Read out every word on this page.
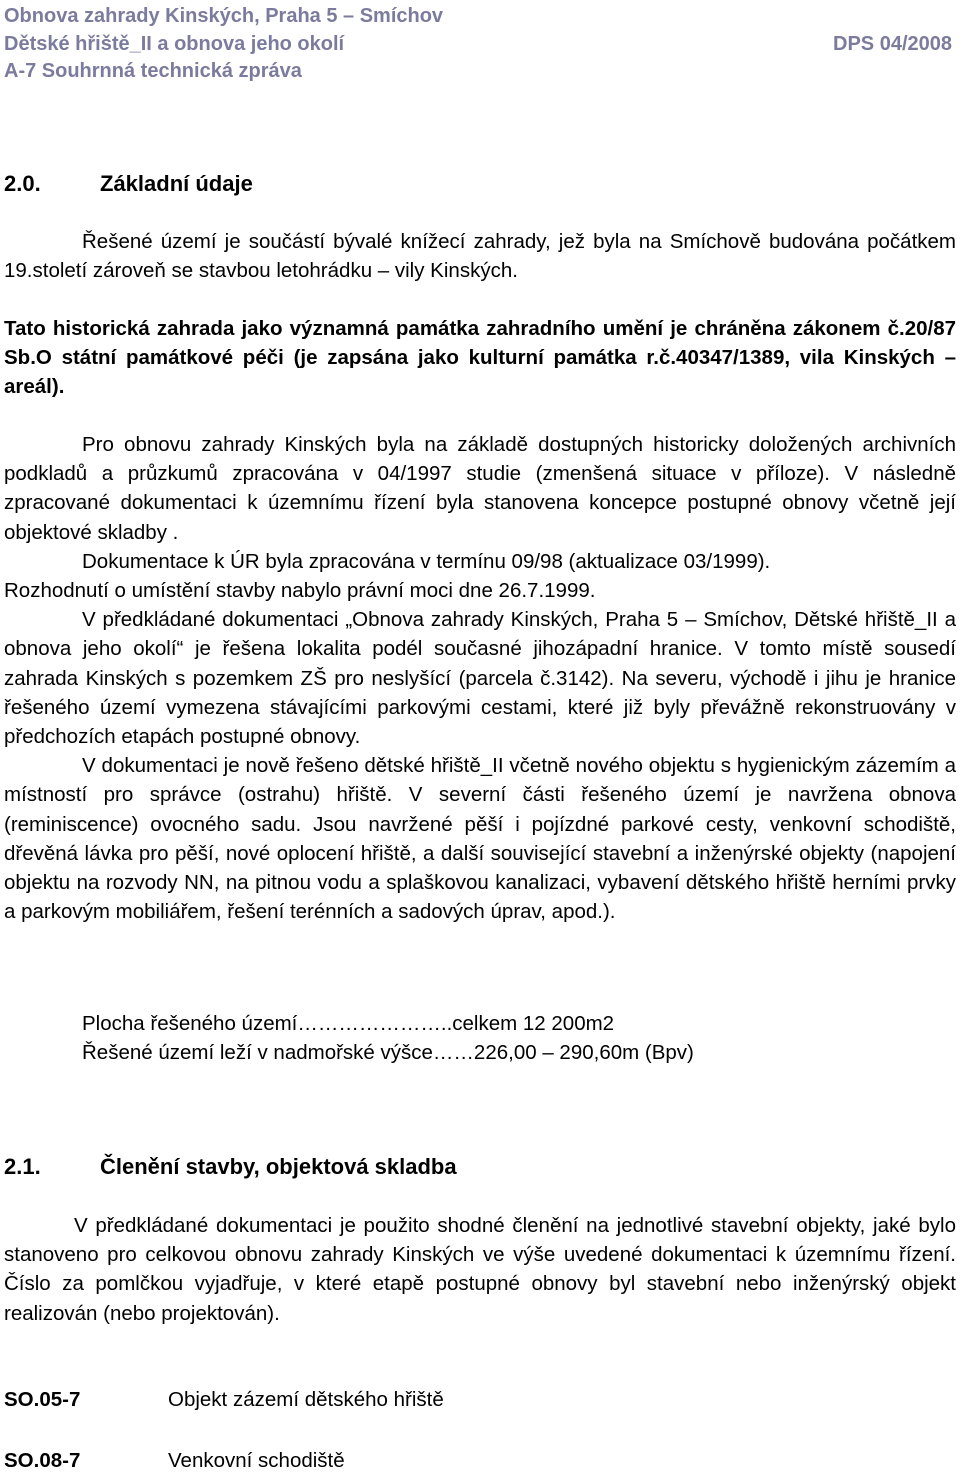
Obnova zahrady Kinských, Praha 5 – Smíchov
Dětské hřiště_II a obnova jeho okolí	DPS 04/2008
A-7 Souhrnná technická zpráva
2.0.	Základní údaje

Řešené území je součástí bývalé knížecí zahrady, jež byla na Smíchově budována počátkem 19.století zároveň se stavbou letohrádku – vily Kinských.

Tato historická zahrada jako významná památka zahradního umění je chráněna zákonem č.20/87 Sb.O státní památkové péči (je zapsána jako kulturní památka r.č.40347/1389, vila Kinských – areál).

Pro obnovu zahrady Kinských byla na základě dostupných historicky doložených archivních podkladů a průzkumů zpracována v 04/1997 studie (zmenšená situace v příloze). V následně zpracované dokumentaci k územnímu řízení byla stanovena koncepce postupné obnovy včetně její objektové skladby .

Dokumentace k ÚR byla zpracována v termínu 09/98 (aktualizace 03/1999).

Rozhodnutí o umístění stavby nabylo právní moci dne 26.7.1999.

V předkládané dokumentaci „Obnova zahrady Kinských, Praha 5 – Smíchov, Dětské hřiště_II a obnova jeho okolí“ je řešena lokalita podél současné jihozápadní hranice. V tomto místě sousedí zahrada Kinských s pozemkem ZŠ pro neslyšící (parcela č.3142). Na severu, východě i jihu je hranice řešeného území vymezena stávajícími parkovými cestami, které již byly převážně rekonstruovány v předchozích etapách postupné obnovy.

V dokumentaci je nově řešeno dětské hřiště_II včetně nového objektu s hygienickým zázemím a místností pro správce (ostrahu) hřiště. V severní části řešeného území je navržena obnova (reminiscence) ovocného sadu. Jsou navržené pěší i pojízdné parkové cesty, venkovní schodiště, dřevěná lávka pro pěší, nové oplocení hřiště, a další související stavební a inženýrské objekty (napojení objektu na rozvody NN, na pitnou vodu a splaškovou kanalizaci, vybavení dětského hřiště herními prvky a parkovým mobiliářem, řešení terénních a sadových úprav, apod.).

Plocha řešeného území…………………..celkem 12 200m2
Řešené území leží v nadmořské výšce……226,00 – 290,60m (Bpv)
2.1.	Členění stavby, objektová skladba

V předkládané dokumentaci je použito shodné členění na jednotlivé stavební objekty, jaké bylo stanoveno pro celkovou obnovu zahrady Kinských ve výše uvedené dokumentaci k územnímu řízení. Číslo za pomlčkou vyjadřuje, v které etapě postupné obnovy byl stavební nebo inženýrský objekt realizován (nebo projektován).

SO.05-7	Objekt zázemí dětského hřiště
SO.08-7	Venkovní schodiště
